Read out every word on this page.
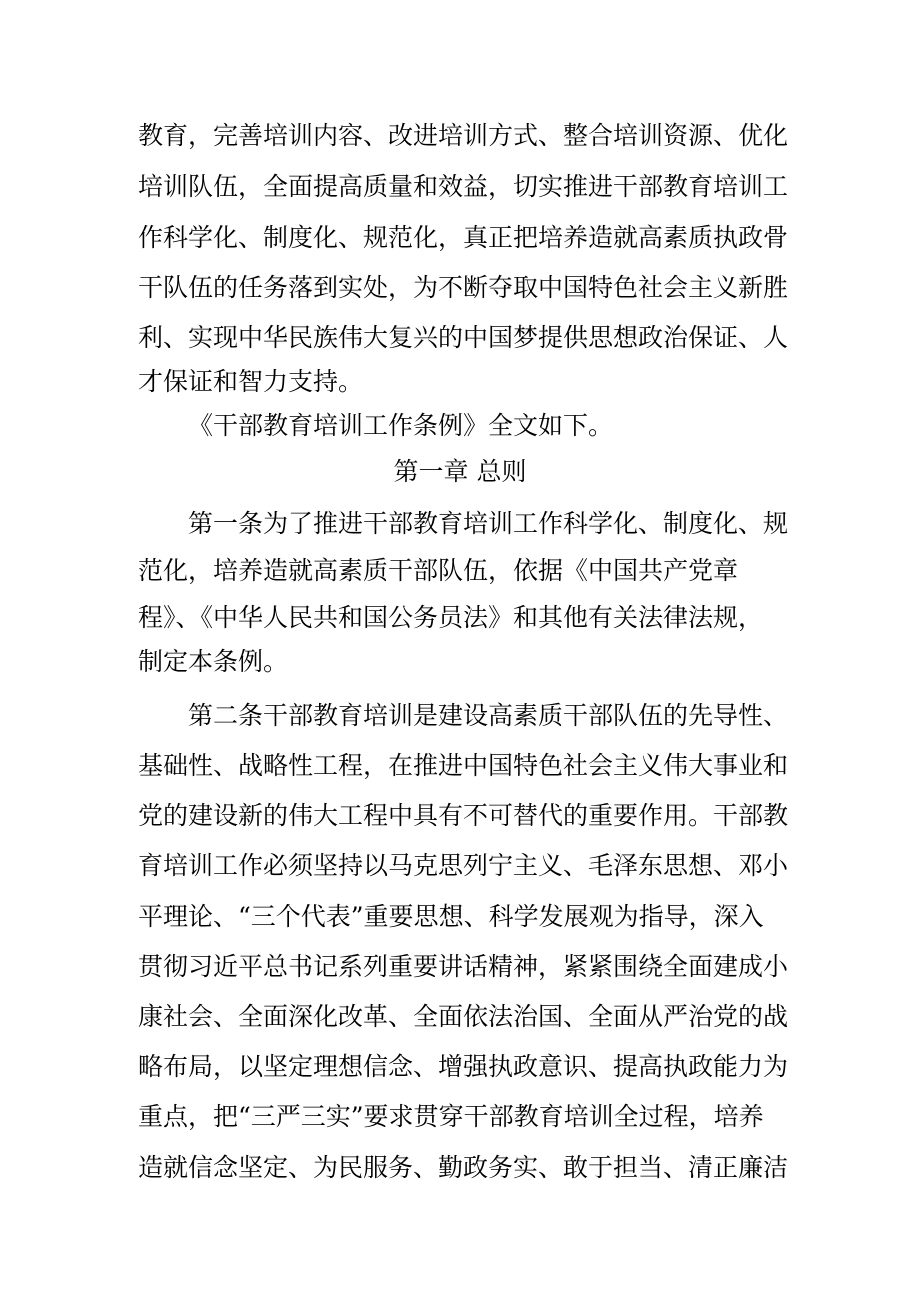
教育，完善培训内容、改进培训方式、整合培训资源、优化
培训队伍，全面提高质量和效益，切实推进干部教育培训工
作科学化、制度化、规范化，真正把培养造就高素质执政骨
干队伍的任务落到实处，为不断夺取中国特色社会主义新胜
利、实现中华民族伟大复兴的中国梦提供思想政治保证、人
才保证和智力支持。
《干部教育培训工作条例》全文如下。
第一章 总则
第一条为了推进干部教育培训工作科学化、制度化、规
范化，培养造就高素质干部队伍，依据《中国共产党章
程》、《中华人民共和国公务员法》和其他有关法律法规，
制定本条例。
第二条干部教育培训是建设高素质干部队伍的先导性、
基础性、战略性工程，在推进中国特色社会主义伟大事业和
党的建设新的伟大工程中具有不可替代的重要作用。干部教
育培训工作必须坚持以马克思列宁主义、毛泽东思想、邓小
平理论、“三个代表”重要思想、科学发展观为指导，深入
贯彻习近平总书记系列重要讲话精神，紧紧围绕全面建成小
康社会、全面深化改革、全面依法治国、全面从严治党的战
略布局，以坚定理想信念、增强执政意识、提高执政能力为
重点，把“三严三实”要求贯穿干部教育培训全过程，培养
造就信念坚定、为民服务、勤政务实、敢于担当、清正廉洁
